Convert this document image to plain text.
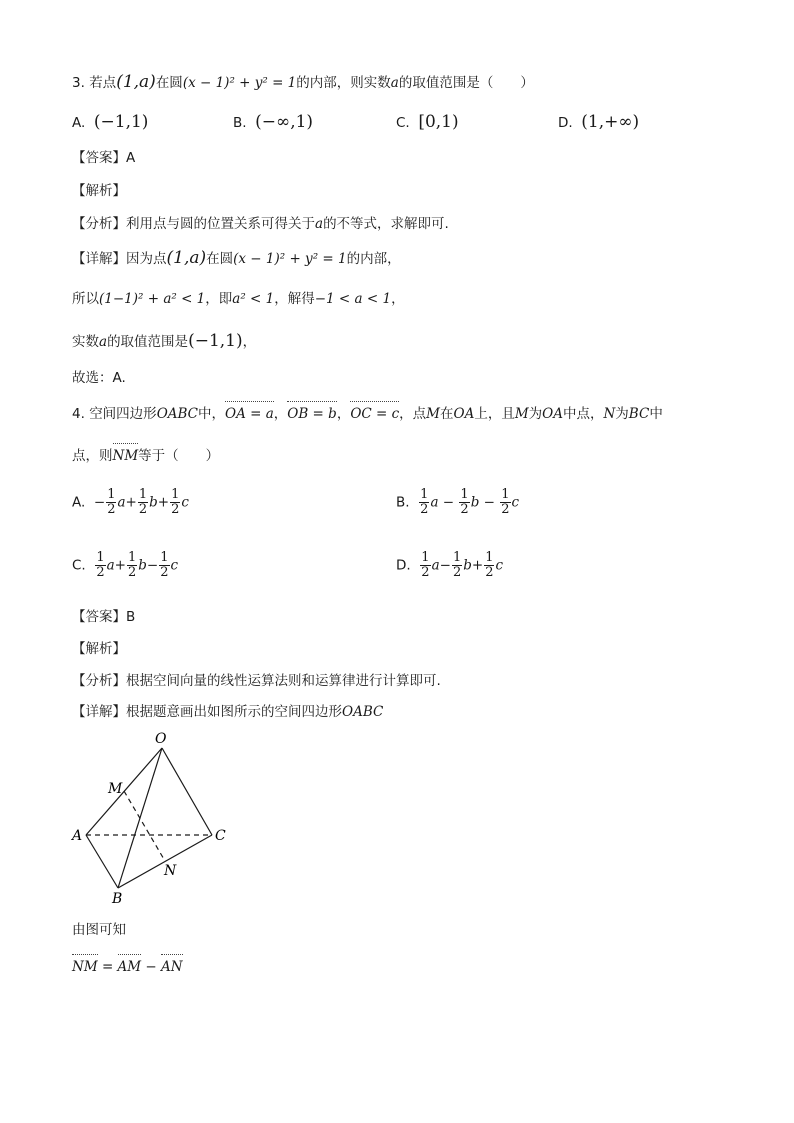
3. 若点(1,a)在圆(x − 1)² + y² = 1的内部，则实数a的取值范围是（　　）
A. (−1,1)	B. (−∞,1)	C. [0,1)	D. (1,+∞)
【答案】A
【解析】
【分析】利用点与圆的位置关系可得关于a的不等式，求解即可.
【详解】因为点(1,a)在圆(x − 1)² + y² = 1的内部，
所以(1−1)² + a² < 1，即a² < 1，解得−1 < a < 1，
实数a的取值范围是(−1,1)，
故选：A.
4. 空间四边形OABC中，OA = a，OB = b，OC = c，点M在OA上，且M为OA中点，N为BC中
点，则NM等于（　　）
A. − $\frac{1}{2} a+ \frac{1}{2} b+ \frac{1}{2}$ c	B. $\frac{1}{2}$ $a - \frac{1}{2}$ $b - \frac{1}{2}$ c
C. $\frac{1}{2} a+ \frac{1}{2} b- \frac{1}{2}$ c	D. $\frac{1}{2} a- \frac{1}{2} b+ \frac{1}{2}$ c
【答案】B
【解析】
【分析】根据空间向量的线性运算法则和运算律进行计算即可.
【详解】根据题意画出如图所示的空间四边形OABC
O
M
A	C
N
B
由图可知
NM = AM − AN
